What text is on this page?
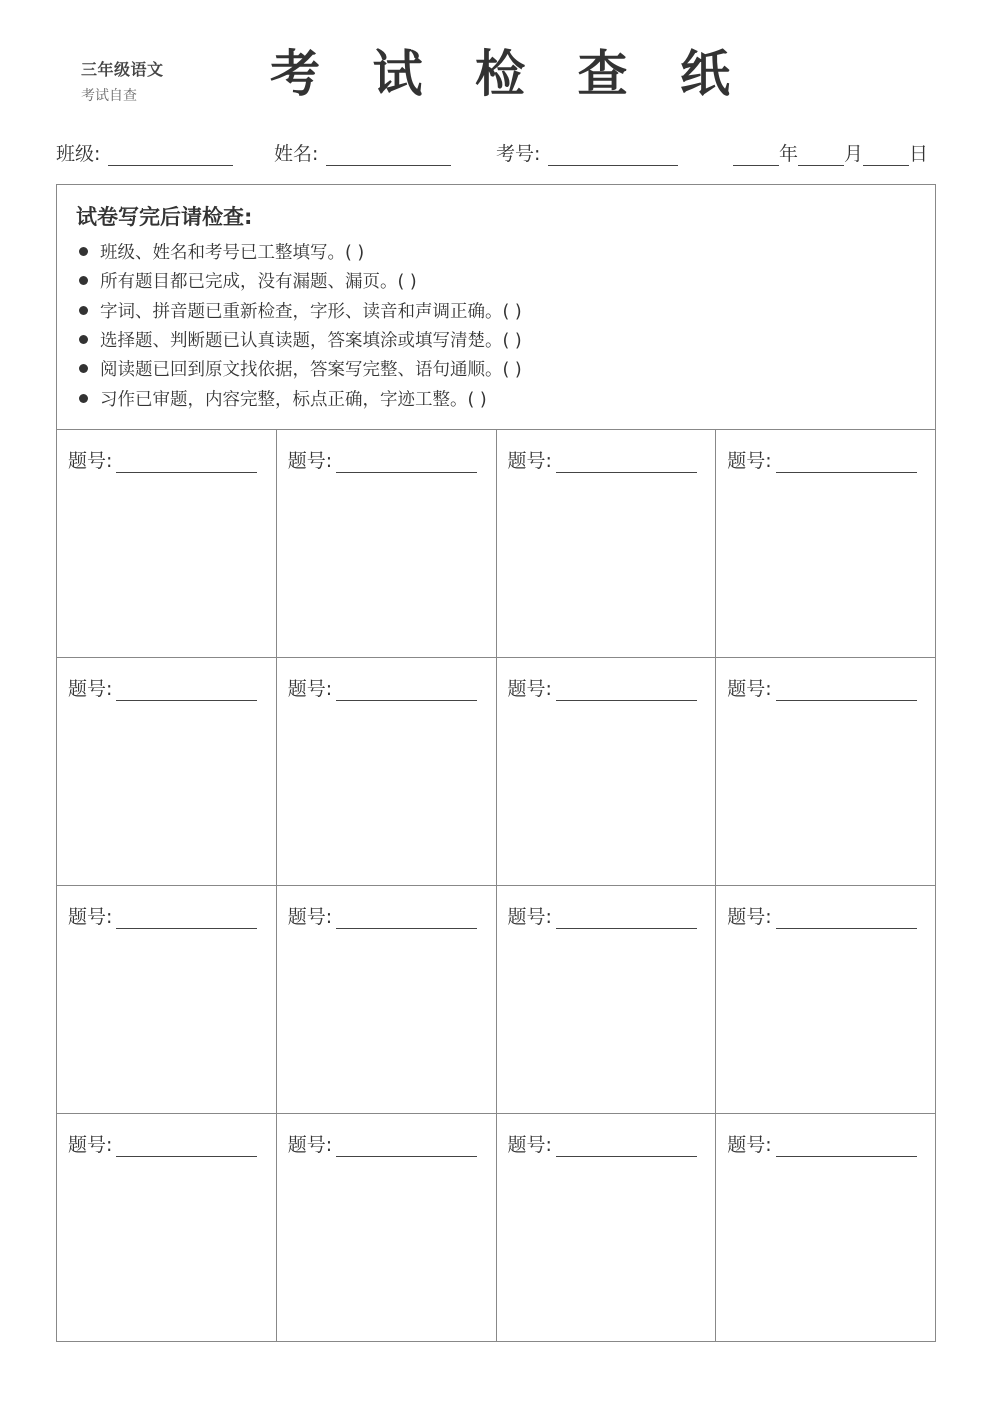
三年级语文
考试自查	考 试 检 查 纸
班级:	姓名:	考号:	年 月 日
试卷写完后请检查:
班级、姓名和考号已工整填写。( )
所有题目都已完成，没有漏题、漏页。( )
字词、拼音题已重新检查，字形、读音和声调正确。( )
选择题、判断题已认真读题，答案填涂或填写清楚。( )
阅读题已回到原文找依据，答案写完整、语句通顺。( )
习作已审题，内容完整，标点正确，字迹工整。( )
题号:	题号:	题号:	题号:
题号:	题号:	题号:	题号:
题号:	题号:	题号:	题号:
题号:	题号:	题号:	题号:
